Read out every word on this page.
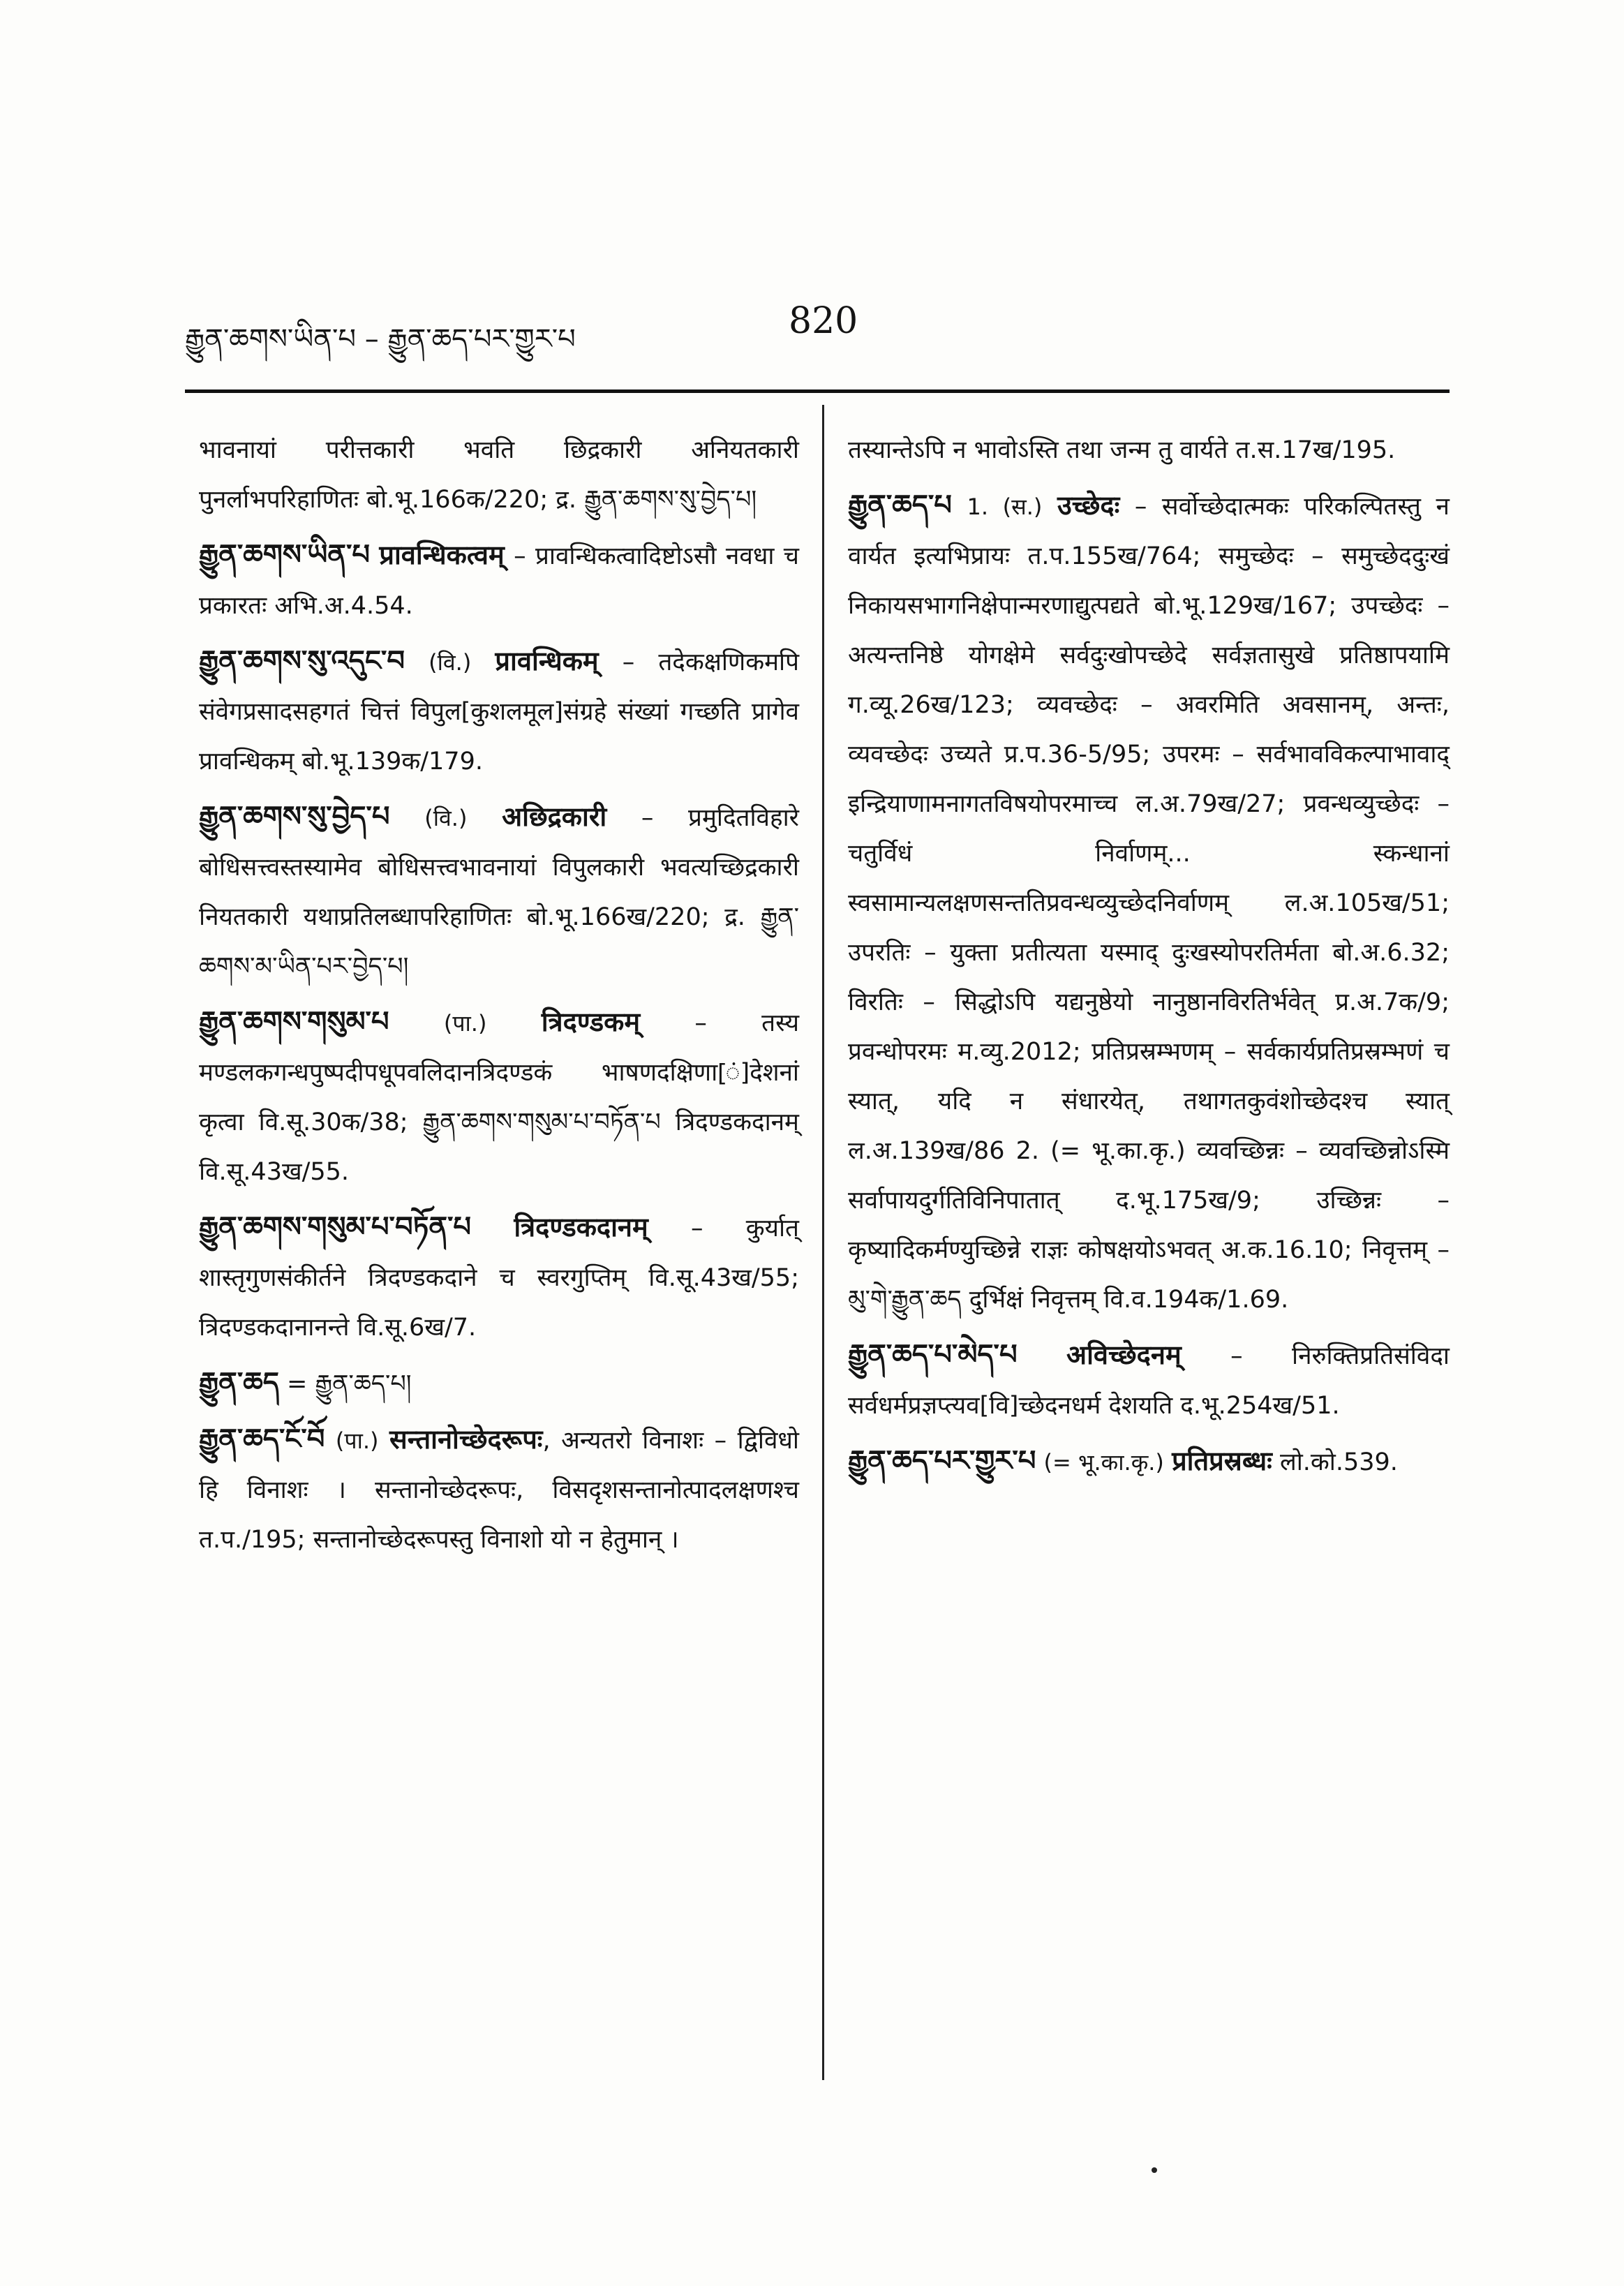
རྒྱུན་ཆགས་ཡིན་པ – རྒྱུན་ཆད་པར་གྱུར་པ	820

भावनायां परीत्तकारी भवति छिद्रकारी अनियतकारी पुनर्लाभपरिहाणितः बो.भू.166क/220; द्र. རྒྱུན་ཆགས་སུ་བྱེད་པ།

རྒྱུན་ཆགས་ཡིན་པ प्रावन्धिकत्वम् – प्रावन्धिकत्वादिष्टोऽसौ नवधा च प्रकारतः अभि.अ.4.54.

རྒྱུན་ཆགས་སུ་འདུང་བ (वि.) प्रावन्धिकम् – तदेकक्षणिकमपि संवेगप्रसादसहगतं चित्तं विपुल[कुशलमूल]संग्रहे संख्यां गच्छति प्रागेव प्रावन्धिकम् बो.भू.139क/179.

རྒྱུན་ཆགས་སུ་བྱེད་པ (वि.) अछिद्रकारी – प्रमुदितविहारे बोधिसत्त्वस्तस्यामेव बोधिसत्त्वभावनायां विपुलकारी भवत्यच्छिद्रकारी नियतकारी यथाप्रतिलब्धापरिहाणितः बो.भू.166ख/220; द्र. རྒྱུན་ཆགས་མ་ཡིན་པར་བྱེད་པ།

རྒྱུན་ཆགས་གསུམ་པ (पा.) त्रिदण्डकम् – तस्य मण्डलकगन्धपुष्पदीपधूपवलिदानत्रिदण्डकं भाषणदक्षिणा[ं]देशनां कृत्वा वि.सू.30क/38; རྒྱུན་ཆགས་གསུམ་པ་བཏོན་པ त्रिदण्डकदानम् वि.सू.43ख/55.

རྒྱུན་ཆགས་གསུམ་པ་བཏོན་པ त्रिदण्डकदानम् – कुर्यात् शास्तृगुणसंकीर्तने त्रिदण्डकदाने च स्वरगुप्तिम् वि.सू.43ख/55; त्रिदण्डकदानानन्ते वि.सू.6ख/7.

རྒྱུན་ཆད = རྒྱུན་ཆད་པ།

རྒྱུན་ཆད་ངོ་བོ (पा.) सन्तानोच्छेदरूपः, अन्यतरो विनाशः – द्विविधो हि विनाशः । सन्तानोच्छेदरूपः, विसदृशसन्तानोत्पादलक्षणश्च त.प./195; सन्तानोच्छेदरूपस्तु विनाशो यो न हेतुमान् ।

तस्यान्तेऽपि न भावोऽस्ति तथा जन्म तु वार्यते त.स.17ख/195.

རྒྱུན་ཆད་པ 1. (स.) उच्छेदः – सर्वोच्छेदात्मकः परिकल्पितस्तु न वार्यत इत्यभिप्रायः त.प.155ख/764; समुच्छेदः – समुच्छेददुःखं निकायसभागनिक्षेपान्मरणाद्युत्पद्यते बो.भू.129ख/167; उपच्छेदः – अत्यन्तनिष्ठे योगक्षेमे सर्वदुःखोपच्छेदे सर्वज्ञतासुखे प्रतिष्ठापयामि ग.व्यू.26ख/123; व्यवच्छेदः – अवरमिति अवसानम्, अन्तः, व्यवच्छेदः उच्यते प्र.प.36-5/95; उपरमः – सर्वभावविकल्पाभावाद् इन्द्रियाणामनागतविषयोपरमाच्च ल.अ.79ख/27; प्रवन्धव्युच्छेदः – चतुर्विधं निर्वाणम्... स्कन्धानां स्वसामान्यलक्षणसन्ततिप्रवन्धव्युच्छेदनिर्वाणम् ल.अ.105ख/51; उपरतिः – युक्ता प्रतीत्यता यस्माद् दुःखस्योपरतिर्मता बो.अ.6.32; विरतिः – सिद्धोऽपि यद्यनुष्ठेयो नानुष्ठानविरतिर्भवेत् प्र.अ.7क/9; प्रवन्धोपरमः म.व्यु.2012; प्रतिप्रस्रम्भणम् – सर्वकार्यप्रतिप्रस्रम्भणं च स्यात्, यदि न संधारयेत्, तथागतकुवंशोच्छेदश्च स्यात् ल.अ.139ख/86 2. (= भू.का.कृ.) व्यवच्छिन्नः – व्यवच्छिन्नोऽस्मि सर्वापायदुर्गतिविनिपातात् द.भू.175ख/9; उच्छिन्नः – कृष्यादिकर्मण्युच्छिन्ने राज्ञः कोषक्षयोऽभवत् अ.क.16.10; निवृत्तम् – མུ་གེ་རྒྱུན་ཆད दुर्भिक्षं निवृत्तम् वि.व.194क/1.69.

རྒྱུན་ཆད་པ་མེད་པ अविच्छेदनम् – निरुक्तिप्रतिसंविदा सर्वधर्मप्रज्ञप्त्यव[वि]च्छेदनधर्म देशयति द.भू.254ख/51.

རྒྱུན་ཆད་པར་གྱུར་པ (= भू.का.कृ.) प्रतिप्रस्रब्धः लो.को.539.
